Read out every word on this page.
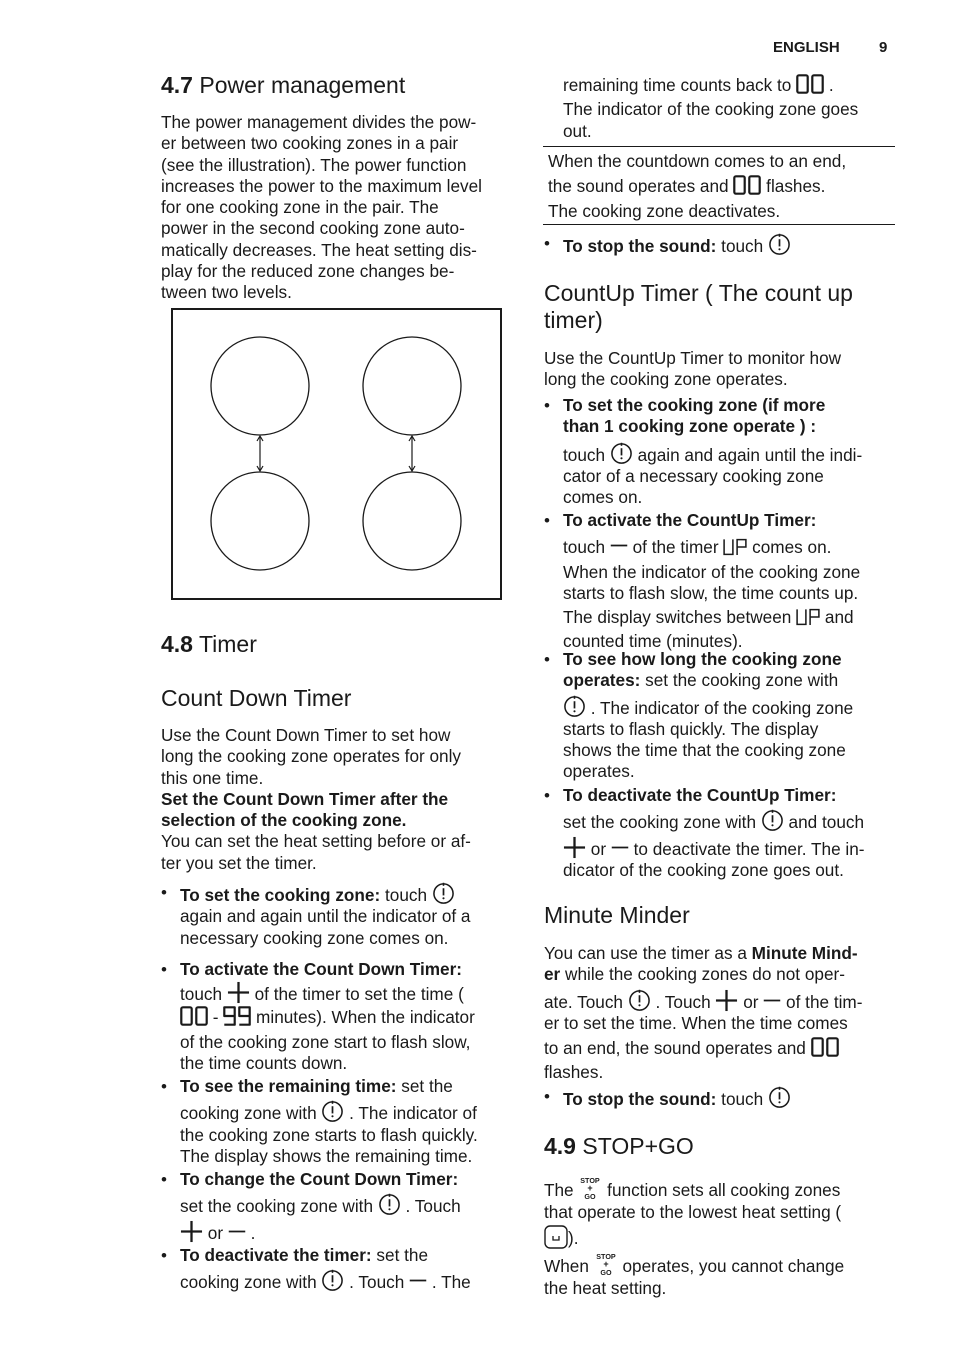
ENGLISH	9
4.7 Power management
The power management divides the pow-
er between two cooking zones in a pair
(see the illustration). The power function
increases the power to the maximum level
for one cooking zone in the pair. The
power in the second cooking zone auto-
matically decreases. The heat setting dis-
play for the reduced zone changes be-
tween two levels.
4.8 Timer
Count Down Timer
Use the Count Down Timer to set how
long the cooking zone operates for only
this one time.
Set the Count Down Timer after the
selection of the cooking zone.
You can set the heat setting before or af-
ter you set the timer.
• To set the cooking zone: touch
again and again until the indicator of a
necessary cooking zone comes on.
• To activate the Count Down Timer:
touch  of the timer to set the time (
-  minutes). When the indicator
of the cooking zone start to flash slow,
the time counts down.
• To see the remaining time: set the
cooking zone with  . The indicator of
the cooking zone starts to flash quickly.
The display shows the remaining time.
• To change the Count Down Timer:
set the cooking zone with  . Touch
or  .
• To deactivate the timer: set the
cooking zone with  . Touch  . The
remaining time counts back to  .
The indicator of the cooking zone goes
out.
When the countdown comes to an end,
the sound operates and  flashes.
The cooking zone deactivates.
• To stop the sound: touch
CountUp Timer ( The count up
timer)
Use the CountUp Timer to monitor how
long the cooking zone operates.
• To set the cooking zone (if more
than 1 cooking zone operate ) :
touch  again and again until the indi-
cator of a necessary cooking zone
comes on.
• To activate the CountUp Timer:
touch  of the timer  comes on.
When the indicator of the cooking zone
starts to flash slow, the time counts up.
The display switches between  and
counted time (minutes).
• To see how long the cooking zone
operates: set the cooking zone with
. The indicator of the cooking zone
starts to flash quickly. The display
shows the time that the cooking zone
operates.
• To deactivate the CountUp Timer:
set the cooking zone with  and touch
or  to deactivate the timer. The in-
dicator of the cooking zone goes out.
Minute Minder
You can use the timer as a Minute Mind-
er while the cooking zones do not oper-
ate. Touch  . Touch  or  of the tim-
er to set the time. When the time comes
to an end, the sound operates and
flashes.
• To stop the sound: touch
4.9 STOP+GO
The  function sets all cooking zones
that operate to the lowest heat setting (
).
When  operates, you cannot change
the heat setting.
